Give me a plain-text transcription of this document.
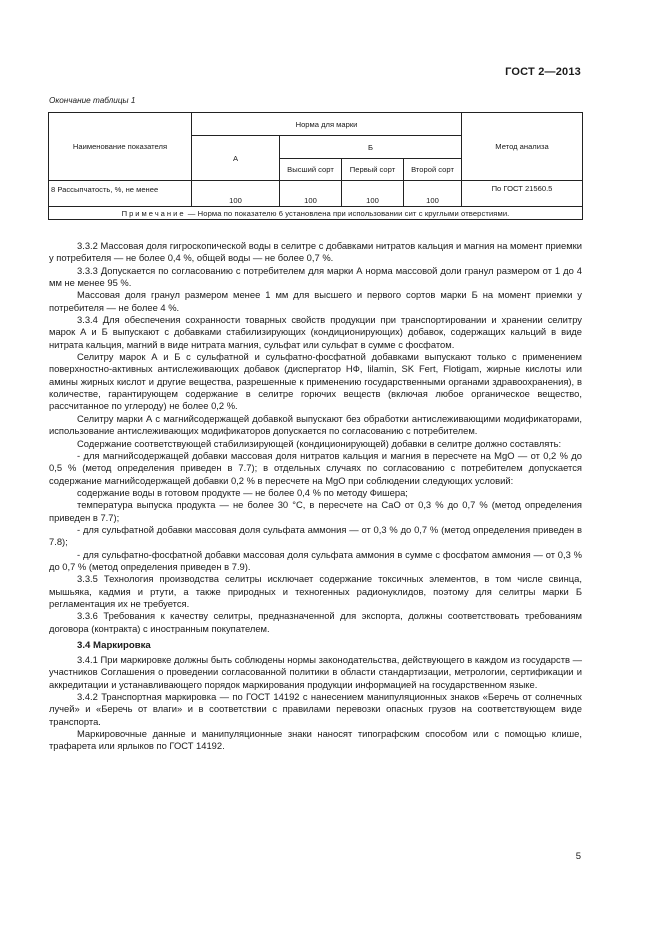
ГОСТ 2—2013
Окончание таблицы 1
Наименование показателя	Норма для марки				Метод анализа
	А	Б			
		Высший сорт	Первый сорт	Второй сорт	
8 Рассыпчатость, %, не менее	100	100	100	100	По ГОСТ 21560.5
Примечание — Норма по показателю 6 установлена при использовании сит с круглыми отверстиями.					

3.3.2 Массовая доля гигроскопической воды в селитре с добавками нитратов кальция и магния на момент приемки у потребителя — не более 0,4 %, общей воды — не более 0,7 %.

3.3.3 Допускается по согласованию с потребителем для марки А норма массовой доли гранул размером от 1 до 4 мм не менее 95 %.

Массовая доля гранул размером менее 1 мм для высшего и первого сортов марки Б на момент приемки у потребителя — не более 4 %.

3.3.4 Для обеспечения сохранности товарных свойств продукции при транспортировании и хранении селитру марок А и Б выпускают с добавками стабилизирующих (кондиционирующих) добавок, содержащих кальций в виде нитрата кальция, магний в виде нитрата магния, сульфат или сульфат в сумме с фосфатом.

Селитру марок А и Б с сульфатной и сульфатно-фосфатной добавками выпускают только с применением поверхностно-активных антислеживающих добавок (диспергатор НФ, lilamin, SK Fert, Flotigam, жирные кислоты или амины жирных кислот и другие вещества, разрешенные к применению государственными органами здравоохранения), в количестве, гарантирующем содержание в селитре горючих веществ (включая любое органическое вещество, рассчитанное по углероду) не более 0,2 %.

Селитру марки А с магнийсодержащей добавкой выпускают без обработки антислеживающими модификаторами, использование антислеживающих модификаторов допускается по согласованию с потребителем.

Содержание соответствующей стабилизирующей (кондиционирующей) добавки в селитре должно составлять:

- для магнийсодержащей добавки массовая доля нитратов кальция и магния в пересчете на MgO — от 0,2 % до 0,5 % (метод определения приведен в 7.7); в отдельных случаях по согласованию с потребителем допускается содержание магнийсодержащей добавки 0,2 % в пересчете на MgO при соблюдении следующих условий:

содержание воды в готовом продукте — не более 0,4 % по методу Фишера;

температура выпуска продукта — не более 30 °С, в пересчете на СаО от 0,3 % до 0,7 % (метод определения приведен в 7.7);

- для сульфатной добавки массовая доля сульфата аммония — от 0,3 % до 0,7 % (метод определения приведен в 7.8);

- для сульфатно-фосфатной добавки массовая доля сульфата аммония в сумме с фосфатом аммония — от 0,3 % до 0,7 % (метод определения приведен в 7.9).

3.3.5 Технология производства селитры исключает содержание токсичных элементов, в том числе свинца, мышьяка, кадмия и ртути, а также природных и техногенных радионуклидов, поэтому для селитры марки Б регламентация их не требуется.

3.3.6 Требования к качеству селитры, предназначенной для экспорта, должны соответствовать требованиям договора (контракта) с иностранным покупателем.

3.4 Маркировка

3.4.1 При маркировке должны быть соблюдены нормы законодательства, действующего в каждом из государств — участников Соглашения о проведении согласованной политики в области стандартизации, метрологии, сертификации и аккредитации и устанавливающего порядок маркирования продукции информацией на государственном языке.

3.4.2 Транспортная маркировка — по ГОСТ 14192 с нанесением манипуляционных знаков «Беречь от солнечных лучей» и «Беречь от влаги» и в соответствии с правилами перевозки опасных грузов на соответствующем виде транспорта.

Маркировочные данные и манипуляционные знаки наносят типографским способом или с помощью клише, трафарета или ярлыков по ГОСТ 14192.

5
